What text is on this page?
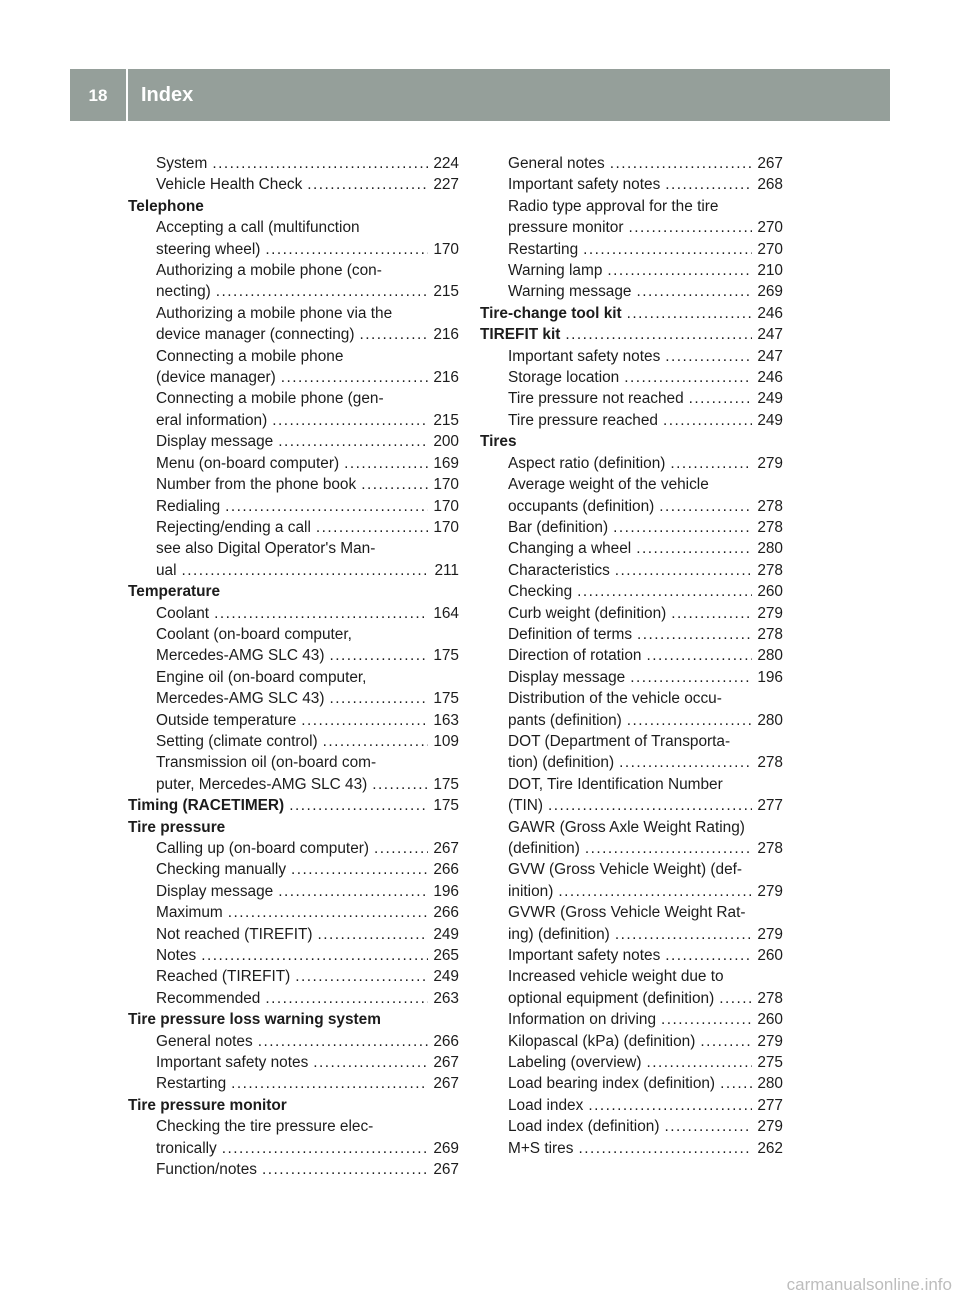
18	Index
System . . .	224
Vehicle Health Check . . .	227
Telephone
Accepting a call (multifunction
steering wheel) . . .	170
Authorizing a mobile phone (con-
necting) . . .	215
Authorizing a mobile phone via the
device manager (connecting) . . .	216
Connecting a mobile phone
(device manager) . . .	216
Connecting a mobile phone (gen-
eral information) . . .	215
Display message . . .	200
Menu (on-board computer) . . .	169
Number from the phone book . . .	170
Redialing . . .	170
Rejecting/ending a call . . .	170
see also Digital Operator's Man-
ual . . .	211
Temperature
Coolant . . .	164
Coolant (on-board computer,
Mercedes-AMG SLC 43) . . .	175
Engine oil (on-board computer,
Mercedes-AMG SLC 43) . . .	175
Outside temperature . . .	163
Setting (climate control) . . .	109
Transmission oil (on-board com-
puter, Mercedes-AMG SLC 43) . . .	175
Timing (RACETIMER) . . .	175
Tire pressure
Calling up (on-board computer) . . .	267
Checking manually . . .	266
Display message . . .	196
Maximum . . .	266
Not reached (TIREFIT) . . .	249
Notes . . .	265
Reached (TIREFIT) . . .	249
Recommended . . .	263
Tire pressure loss warning system
General notes . . .	266
Important safety notes . . .	267
Restarting . . .	267
Tire pressure monitor
Checking the tire pressure elec-
tronically . . .	269
Function/notes . . .	267
General notes . . .	267
Important safety notes . . .	268
Radio type approval for the tire
pressure monitor . . .	270
Restarting . . .	270
Warning lamp . . .	210
Warning message . . .	269
Tire-change tool kit . . .	246
TIREFIT kit . . .	247
Important safety notes . . .	247
Storage location . . .	246
Tire pressure not reached . . .	249
Tire pressure reached . . .	249
Tires
Aspect ratio (definition) . . .	279
Average weight of the vehicle
occupants (definition) . . .	278
Bar (definition) . . .	278
Changing a wheel . . .	280
Characteristics . . .	278
Checking . . .	260
Curb weight (definition) . . .	279
Definition of terms . . .	278
Direction of rotation . . .	280
Display message . . .	196
Distribution of the vehicle occu-
pants (definition) . . .	280
DOT (Department of Transporta-
tion) (definition) . . .	278
DOT, Tire Identification Number
(TIN) . . .	277
GAWR (Gross Axle Weight Rating)
(definition) . . .	278
GVW (Gross Vehicle Weight) (def-
inition) . . .	279
GVWR (Gross Vehicle Weight Rat-
ing) (definition) . . .	279
Important safety notes . . .	260
Increased vehicle weight due to
optional equipment (definition) . . .	278
Information on driving . . .	260
Kilopascal (kPa) (definition) . . .	279
Labeling (overview) . . .	275
Load bearing index (definition) . . .	280
Load index . . .	277
Load index (definition) . . .	279
M+S tires . . .	262
carmanualsonline.info
